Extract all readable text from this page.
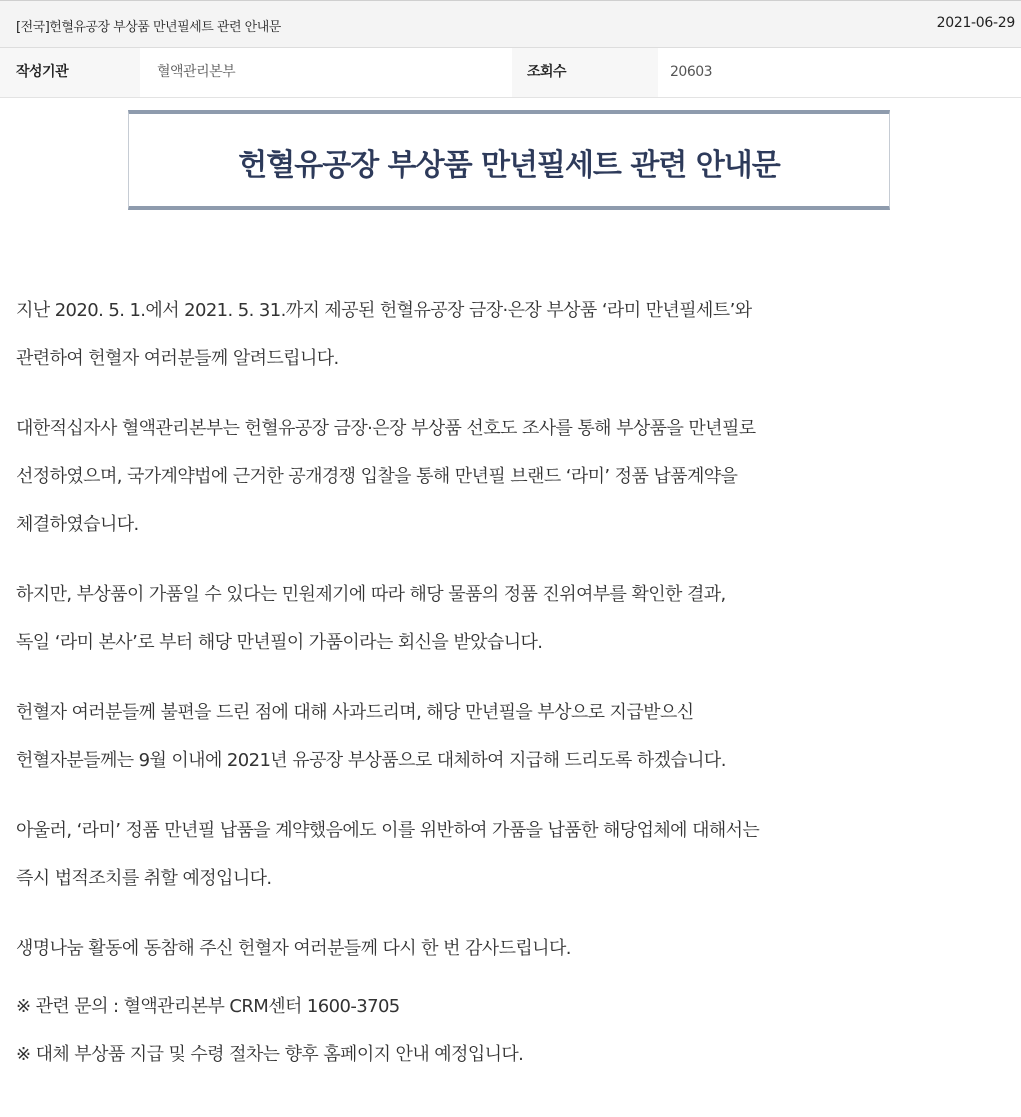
[전국]헌혈유공장 부상품 만년필세트 관련 안내문	2021-06-29
작성기관	혈액관리본부	조회수	20603
헌혈유공장 부상품 만년필세트 관련 안내문

지난 2020. 5. 1.에서 2021. 5. 31.까지 제공된 헌혈유공장 금장·은장 부상품 ‘라미 만년필세트’와
관련하여 헌혈자 여러분들께 알려드립니다.

대한적십자사 혈액관리본부는 헌혈유공장 금장·은장 부상품 선호도 조사를 통해 부상품을 만년필로
선정하였으며, 국가계약법에 근거한 공개경쟁 입찰을 통해 만년필 브랜드 ‘라미’ 정품 납품계약을
체결하였습니다.

하지만, 부상품이 가품일 수 있다는 민원제기에 따라 해당 물품의 정품 진위여부를 확인한 결과,
독일 ‘라미 본사’로 부터 해당 만년필이 가품이라는 회신을 받았습니다.

헌혈자 여러분들께 불편을 드린 점에 대해 사과드리며, 해당 만년필을 부상으로 지급받으신
헌혈자분들께는 9월 이내에 2021년 유공장 부상품으로 대체하여 지급해 드리도록 하겠습니다.

아울러, ‘라미’ 정품 만년필 납품을 계약했음에도 이를 위반하여 가품을 납품한 해당업체에 대해서는
즉시 법적조치를 취할 예정입니다.

생명나눔 활동에 동참해 주신 헌혈자 여러분들께 다시 한 번 감사드립니다.

※ 관련 문의 : 혈액관리본부 CRM센터 1600-3705

※ 대체 부상품 지급 및 수령 절차는 향후 홈페이지 안내 예정입니다.
